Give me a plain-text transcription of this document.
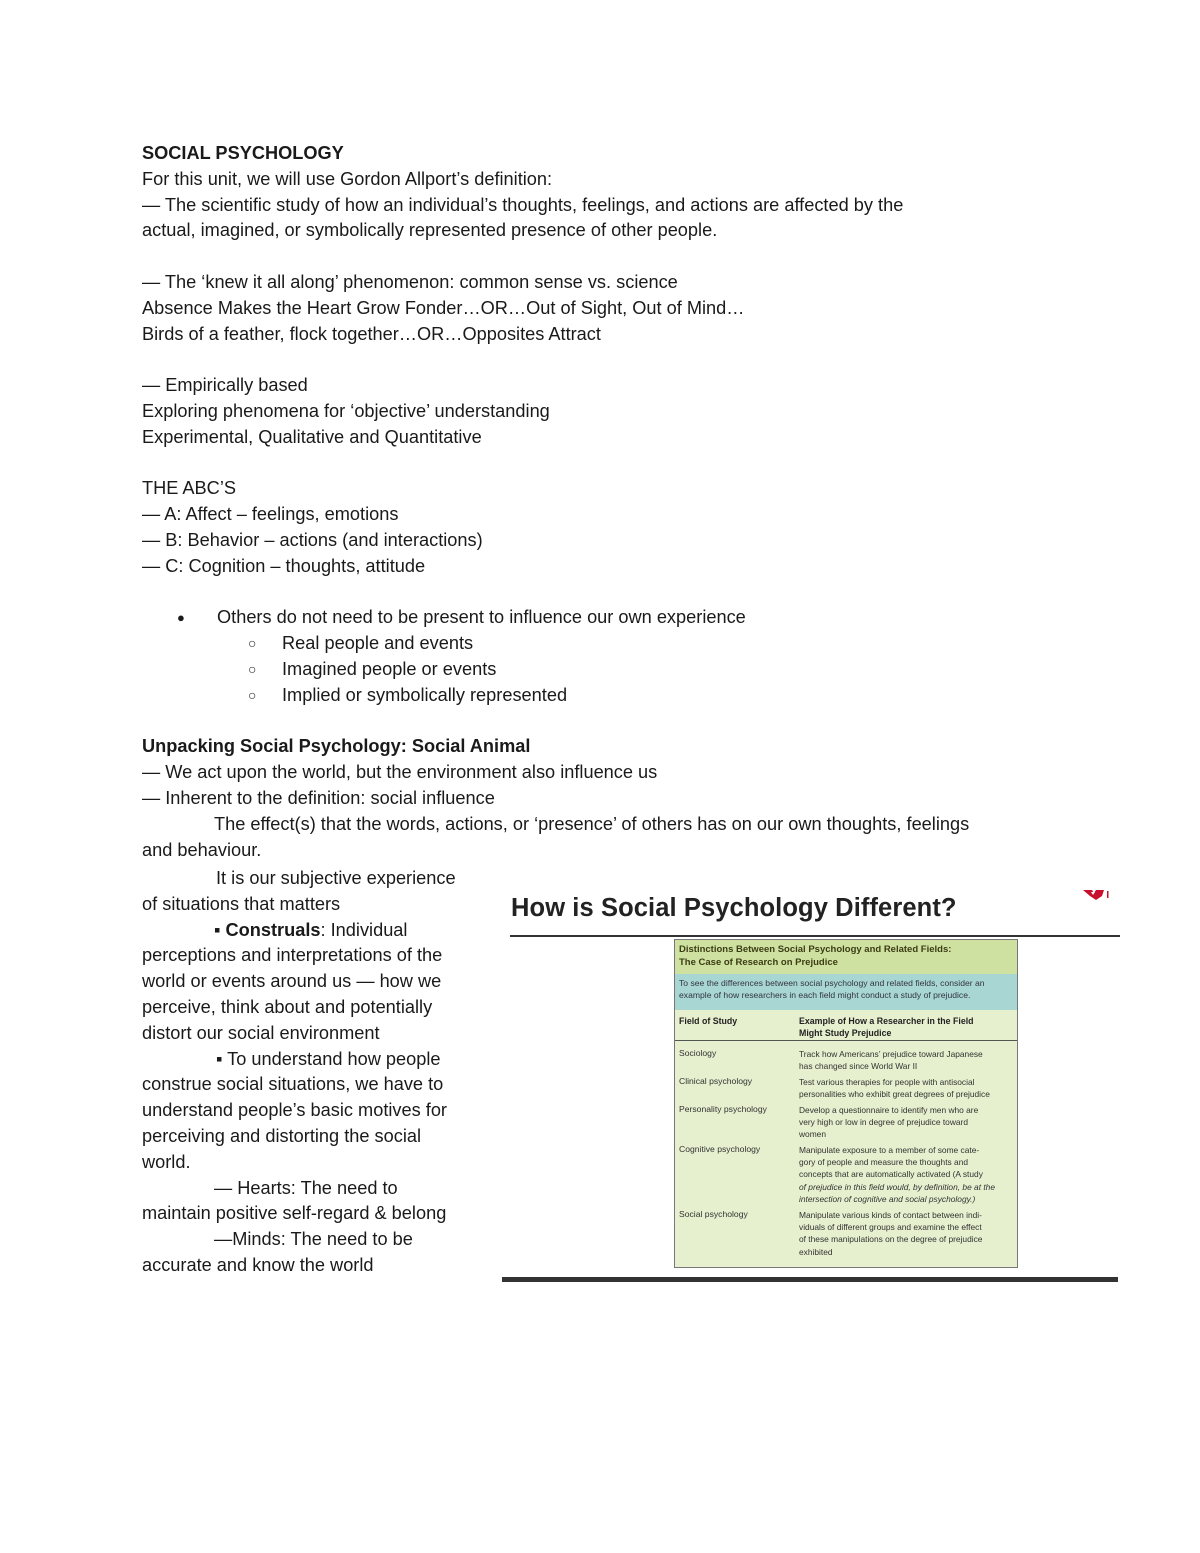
SOCIAL PSYCHOLOGY

For this unit, we will use Gordon Allport’s definition:

— The scientific study of how an individual’s thoughts, feelings, and actions are affected by the

actual, imagined, or symbolically represented presence of other people.

— The ‘knew it all along’ phenomenon: common sense vs. science

Absence Makes the Heart Grow Fonder…OR…Out of Sight, Out of Mind…

Birds of a feather, flock together…OR…Opposites Attract

— Empirically based

Exploring phenomena for ‘objective’ understanding

Experimental, Qualitative and Quantitative

THE ABC’S

— A: Affect – feelings, emotions

— B: Behavior – actions (and interactions)

— C: Cognition – thoughts, attitude

● Others do not need to be present to influence our own experience
○ Real people and events
○ Imagined people or events
○ Implied or symbolically represented

Unpacking Social Psychology: Social Animal

— We act upon the world, but the environment also influence us

— Inherent to the definition: social influence

The effect(s) that the words, actions, or ‘presence’ of others has on our own thoughts, feelings

and behaviour.

It is our subjective experience

of situations that matters

▪ Construals: Individual

perceptions and interpretations of the

world or events around us — how we

perceive, think about and potentially

distort our social environment

▪ To understand how people

construe social situations, we have to

understand people’s basic motives for

perceiving and distorting the social

world.

— Hearts: The need to

maintain positive self-regard & belong

—Minds: The need to be

accurate and know the world

How is Social Psychology Different?
Distinctions Between Social Psychology and Related Fields:
The Case of Research on Prejudice
To see the differences between social psychology and related fields, consider an
example of how researchers in each field might conduct a study of prejudice.
Field of Study	Example of How a Researcher in the Field
Might Study Prejudice
Sociology	Track how Americans’ prejudice toward Japanese
has changed since World War II
Clinical psychology	Test various therapies for people with antisocial
personalities who exhibit great degrees of prejudice
Personality psychology	Develop a questionnaire to identify men who are
very high or low in degree of prejudice toward
women
Cognitive psychology	Manipulate exposure to a member of some cate-
gory of people and measure the thoughts and
concepts that are automatically activated (A study
of prejudice in this field would, by definition, be at the
intersection of cognitive and social psychology.)
Social psychology	Manipulate various kinds of contact between indi-
viduals of different groups and examine the effect
of these manipulations on the degree of prejudice
exhibited
